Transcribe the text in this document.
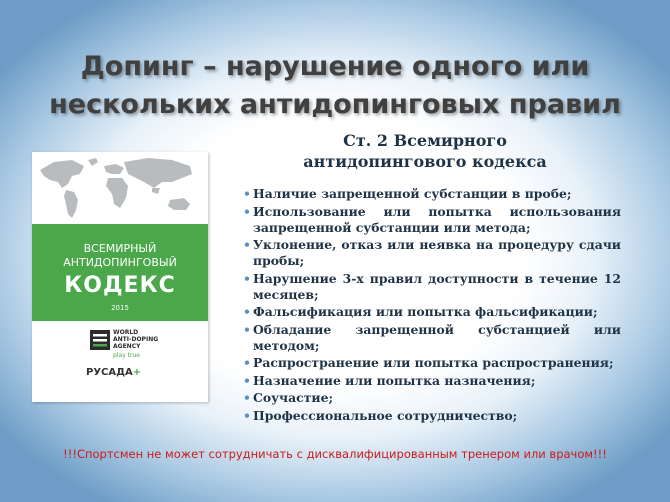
Допинг – нарушение одного или
нескольких антидопинговых правил
Ст. 2 Всемирного
антидопингового кодекса
ВСЕМИРНЫЙ
АНТИДОПИНГОВЫЙ
КОДЕКС
2015
WORLD
ANTI-DOPING
AGENCY
play true
РУСАДА+
• Наличие запрещенной субстанции в пробе;
• Использование или попытка использования запрещенной субстанции или метода;
• Уклонение, отказ или неявка на процедуру сдачи пробы;
• Нарушение 3-х правил доступности в течение 12 месяцев;
• Фальсификация или попытка фальсификации;
• Обладание запрещенной субстанцией или методом;
• Распространение или попытка распространения;
• Назначение или попытка назначения;
• Соучастие;
• Профессиональное сотрудничество;
!!!Спортсмен не может сотрудничать с дисквалифицированным тренером или врачом!!!
